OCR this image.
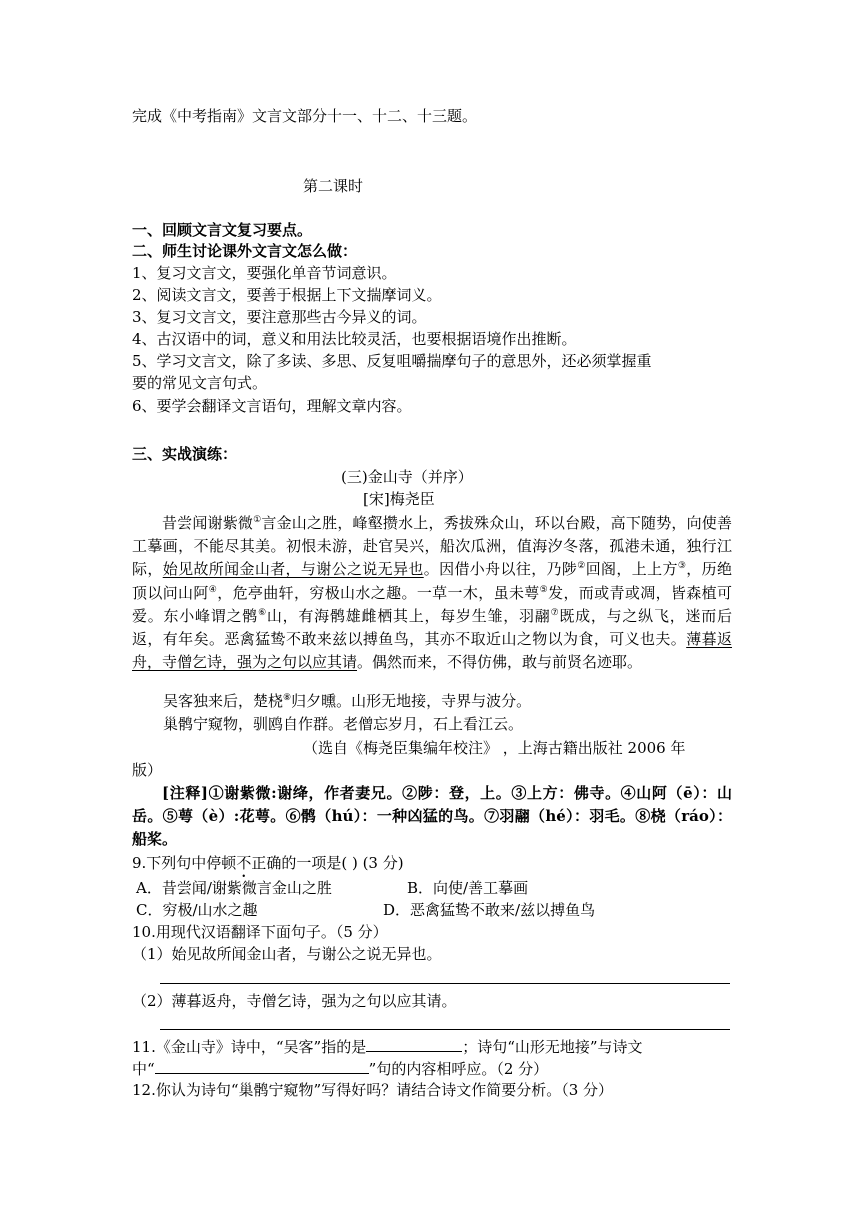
完成《中考指南》文言文部分十一、十二、十三题。
第二课时
一、回顾文言文复习要点。
二、师生讨论课外文言文怎么做：
1、复习文言文，要强化单音节词意识。
2、阅读文言文，要善于根据上下文揣摩词义。
3、复习文言文，要注意那些古今异义的词。
4、古汉语中的词，意义和用法比较灵活，也要根据语境作出推断。
5、学习文言文，除了多读、多思、反复咀嚼揣摩句子的意思外，还必须掌握重
要的常见文言句式。
6、要学会翻译文言语句，理解文章内容。
三、实战演练：
(三)金山寺（并序）
[宋]梅尧臣

昔尝闻谢紫微①言金山之胜，峰壑攒水上，秀拔殊众山，环以台殿，高下随势，向使善工摹画，不能尽其美。初恨未游，赴官吴兴，船次瓜洲，值海汐冬落，孤港未通，独行江际，始见故所闻金山者，与谢公之说无异也。因借小舟以往，乃陟②回阁，上上方③，历绝顶以问山阿④，危亭曲轩，穷极山水之趣。一草一木，虽未萼⑤发，而或青或凋，皆森植可爱。东小峰谓之鹘⑥山，有海鹘雄雌栖其上，每岁生雏，羽翮⑦既成，与之纵飞，迷而后返，有年矣。恶禽猛鸷不敢来兹以搏鱼鸟，其亦不取近山之物以为食，可义也夫。薄暮返舟，寺僧乞诗，强为之句以应其请。偶然而来，不得仿佛，敢与前贤名迹耶。

吴客独来后，楚桡⑧归夕曛。山形无地接，寺界与波分。
巢鹘宁窥物，驯鸥自作群。老僧忘岁月，石上看江云。
（选自《梅尧臣集编年校注》 ，上海古籍出版社 2006 年
版）
[注释]①谢紫微:谢绛，作者妻兄。②陟：登，上。③上方：佛寺。④山阿（ē）：山岳。⑤萼（è）:花萼。⑥鹘（hú）：一种凶猛的鸟。⑦羽翮（hé）：羽毛。⑧桡（ráo）：船桨。
9.下列句中停顿不正确的一项是( ) (3 分)
A．昔尝闻/谢紫微言金山之胜	B．向使/善工摹画
C．穷极/山水之趣	D．恶禽猛鸷不敢来/兹以搏鱼鸟
10.用现代汉语翻译下面句子。（5 分）
（1）始见故所闻金山者，与谢公之说无异也。
（2）薄暮返舟，寺僧乞诗，强为之句以应其请。
11.《金山寺》诗中，“吴客”指的是	；诗句“山形无地接”与诗文
中“	”句的内容相呼应。（2 分）
12.你认为诗句“巢鹘宁窥物”写得好吗？请结合诗文作简要分析。（3 分）
